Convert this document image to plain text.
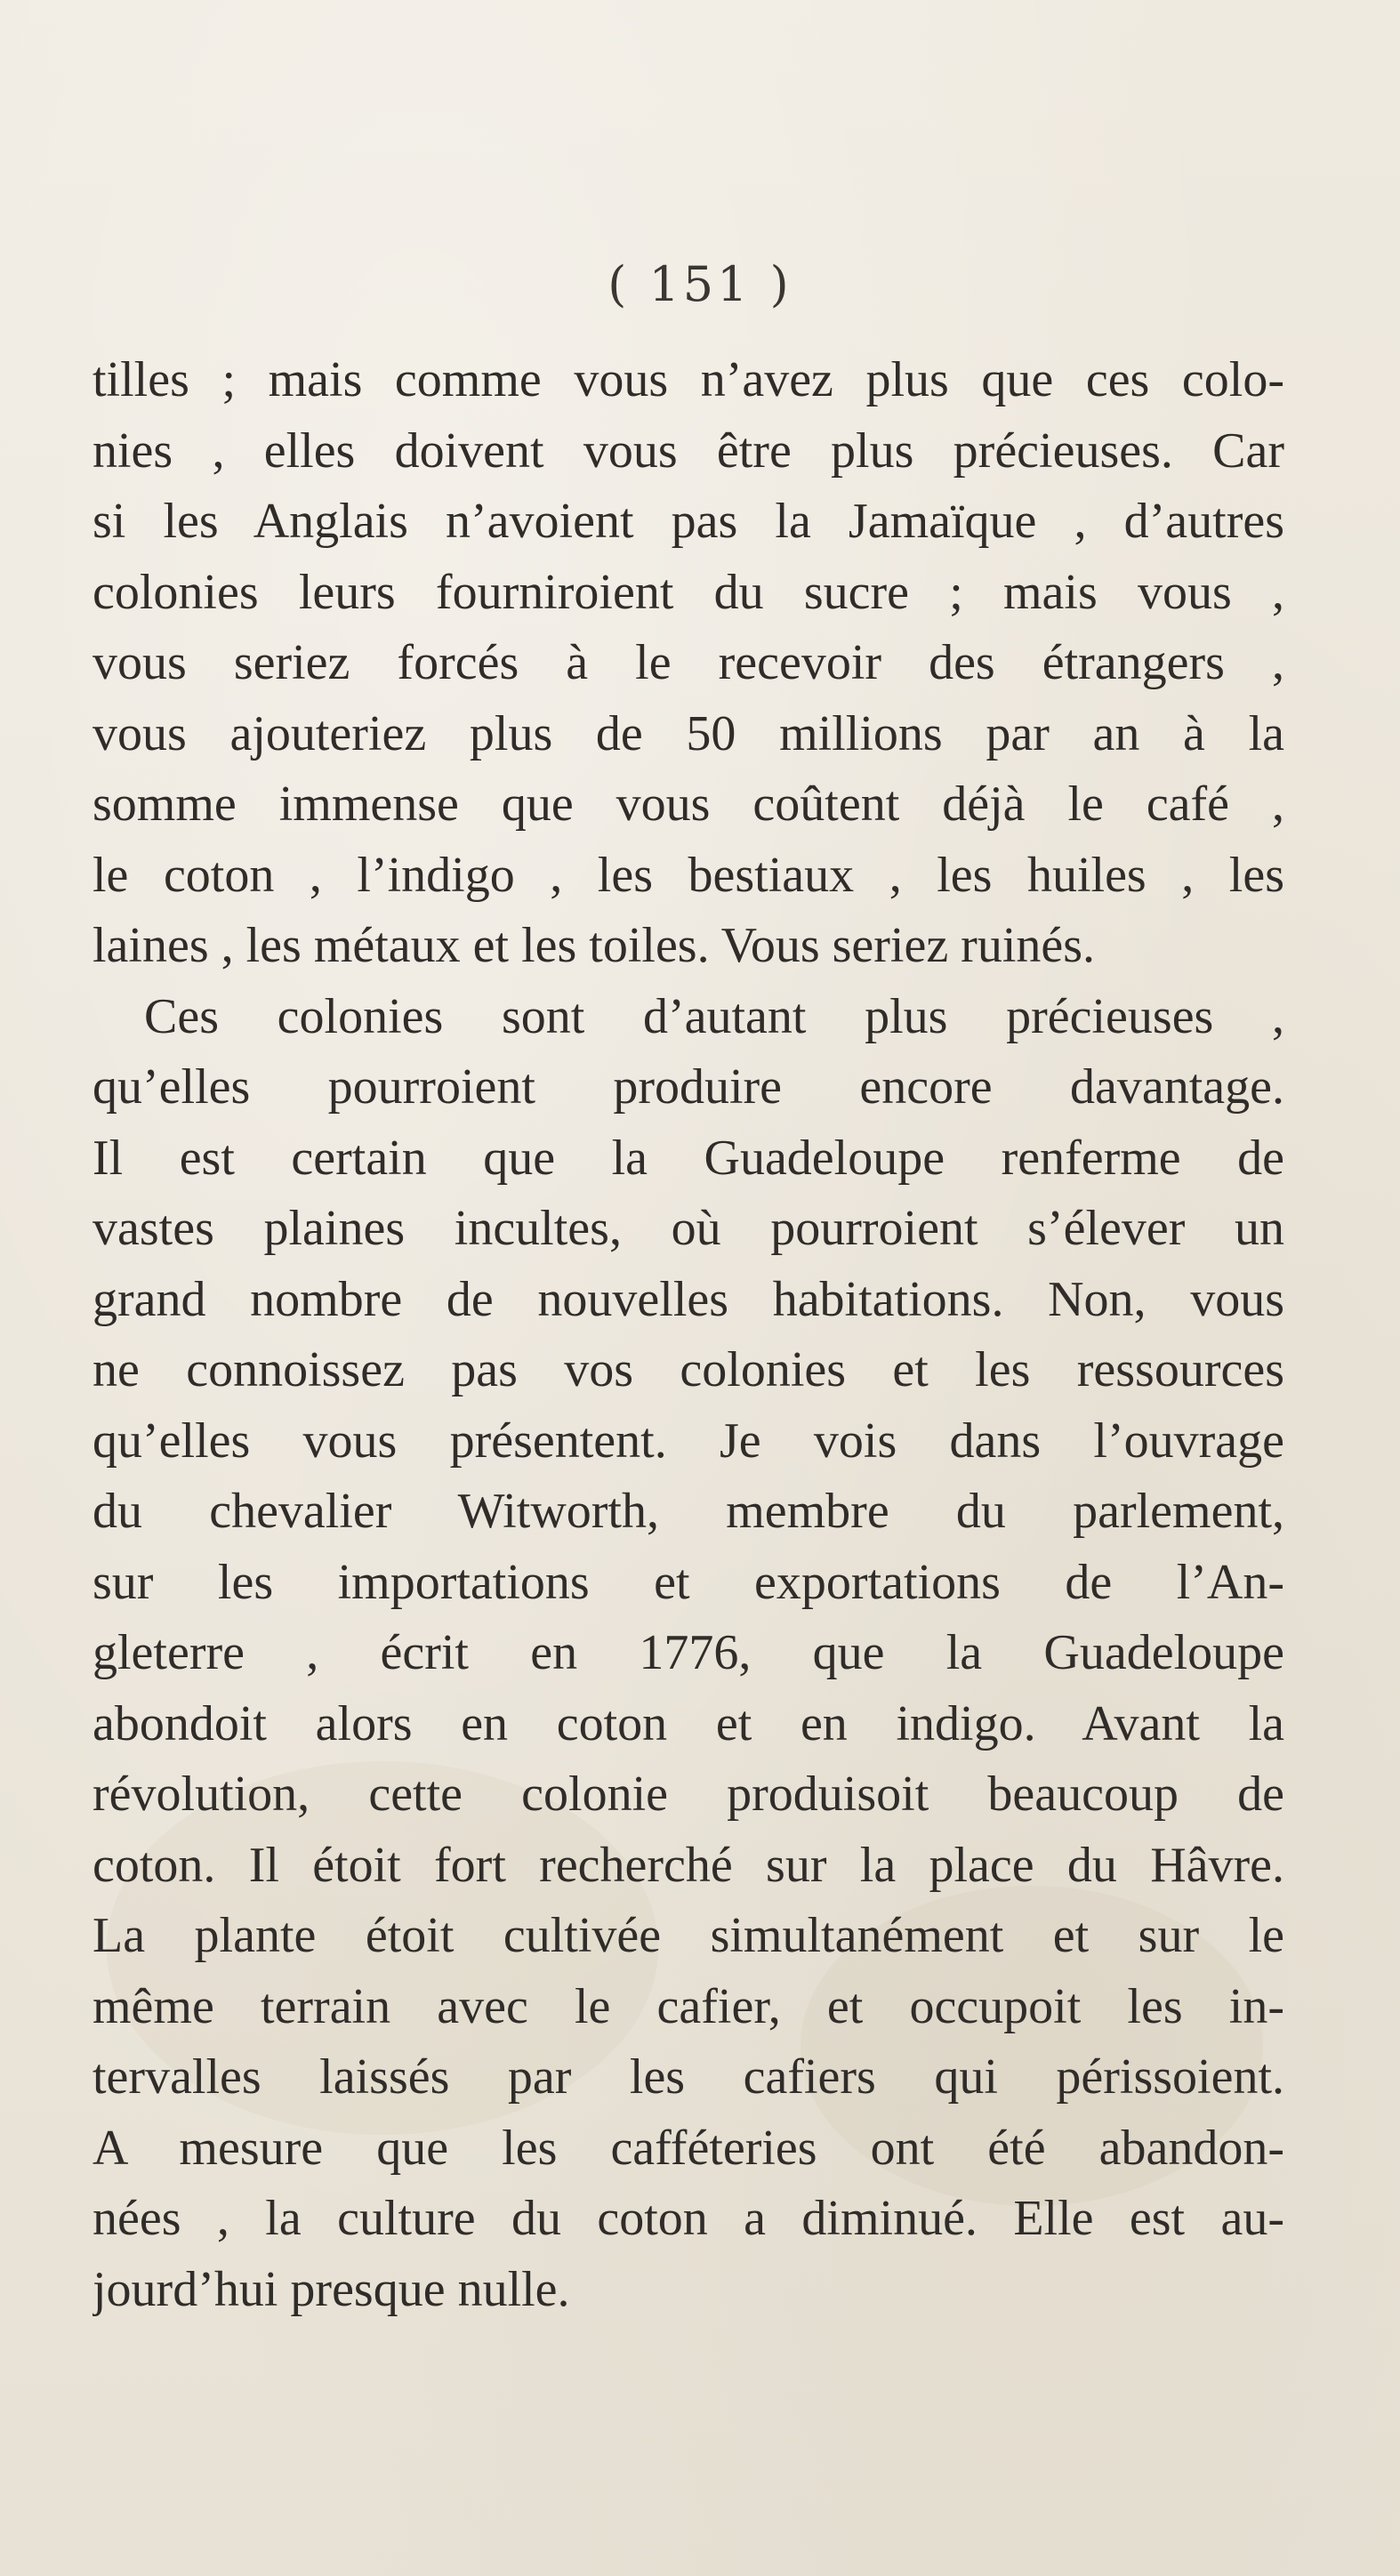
( 151 )
tilles ; mais comme vous n’avez plus que ces colo-
nies , elles doivent vous être plus précieuses. Car
si les Anglais n’avoient pas la Jamaïque , d’autres
colonies leurs fourniroient du sucre ; mais vous ,
vous seriez forcés à le recevoir des étrangers ,
vous ajouteriez plus de 50 millions par an à la
somme immense que vous coûtent déjà le café ,
le coton , l’indigo , les bestiaux , les huiles , les
laines , les métaux et les toiles. Vous seriez ruinés.
Ces colonies sont d’autant plus précieuses ,
qu’elles pourroient produire encore davantage.
Il est certain que la Guadeloupe renferme de
vastes plaines incultes, où pourroient s’élever un
grand nombre de nouvelles habitations. Non, vous
ne connoissez pas vos colonies et les ressources
qu’elles vous présentent. Je vois dans l’ouvrage
du chevalier Witworth, membre du parlement,
sur les importations et exportations de l’An-
gleterre , écrit en 1776, que la Guadeloupe
abondoit alors en coton et en indigo. Avant la
révolution, cette colonie produisoit beaucoup de
coton. Il étoit fort recherché sur la place du Hâvre.
La plante étoit cultivée simultanément et sur le
même terrain avec le cafier, et occupoit les in-
tervalles laissés par les cafiers qui périssoient.
A mesure que les cafféteries ont été abandon-
nées , la culture du coton a diminué. Elle est au-
jourd’hui presque nulle.
